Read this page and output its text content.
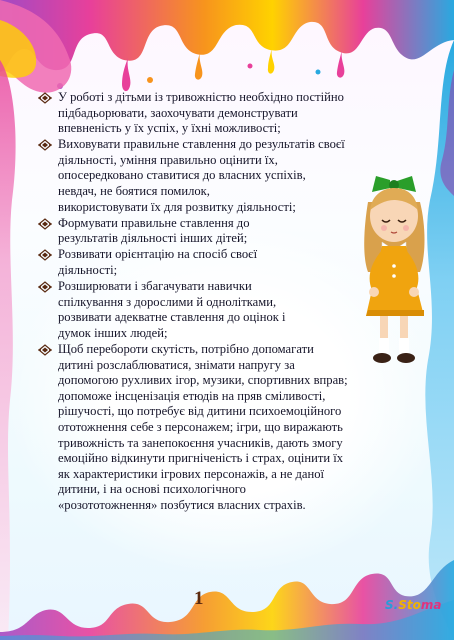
У роботі з дітьми із тривожністю необхідно постійно
підбадьорювати, заохочувати демонструвати
впевненість у їх успіх, у їхні можливості;
Виховувати правильне ставлення до результатів своєї
діяльності, уміння правильно оцінити їх,
опосередковано ставитися до власних успіхів,
невдач, не боятися помилок,
використовувати їх для розвитку діяльності;
Формувати правильне ставлення до
результатів діяльності інших дітей;
Розвивати орієнтацію на спосіб своєї
діяльності;
Розширювати і збагачувати навички
спілкування з дорослими й однолітками,
розвивати адекватне ставлення до оцінок і
думок інших людей;
Щоб перебороти скутість, потрібно допомагати
дитині розслаблюватися, знімати напругу за
допомогою рухливих ігор, музики, спортивних вправ;
допоможе інсценізація етюдів на пряв сміливості,
рішучості, що потребує від дитини психоемоційного
ототожнення себе з персонажем; ігри, що виражають
тривожність та занепокоєння учасників, дають змогу
емоційно відкинути пригніченість і страх, оцінити їх
як характеристики ігрових персонажів, а не даної
дитини, і на основі психологічного
«розототожнення» позбутися власних страхів.
1	S.Stoma
